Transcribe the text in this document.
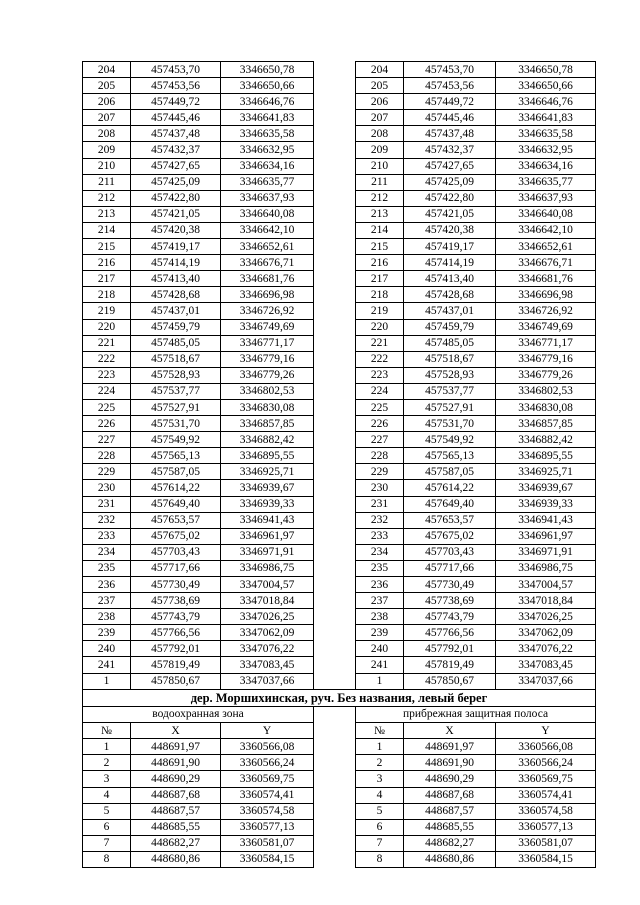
204	457453,70	3346650,78		204	457453,70	3346650,78
205	457453,56	3346650,66		205	457453,56	3346650,66
206	457449,72	3346646,76		206	457449,72	3346646,76
207	457445,46	3346641,83		207	457445,46	3346641,83
208	457437,48	3346635,58		208	457437,48	3346635,58
209	457432,37	3346632,95		209	457432,37	3346632,95
210	457427,65	3346634,16		210	457427,65	3346634,16
211	457425,09	3346635,77		211	457425,09	3346635,77
212	457422,80	3346637,93		212	457422,80	3346637,93
213	457421,05	3346640,08		213	457421,05	3346640,08
214	457420,38	3346642,10		214	457420,38	3346642,10
215	457419,17	3346652,61		215	457419,17	3346652,61
216	457414,19	3346676,71		216	457414,19	3346676,71
217	457413,40	3346681,76		217	457413,40	3346681,76
218	457428,68	3346696,98		218	457428,68	3346696,98
219	457437,01	3346726,92		219	457437,01	3346726,92
220	457459,79	3346749,69		220	457459,79	3346749,69
221	457485,05	3346771,17		221	457485,05	3346771,17
222	457518,67	3346779,16		222	457518,67	3346779,16
223	457528,93	3346779,26		223	457528,93	3346779,26
224	457537,77	3346802,53		224	457537,77	3346802,53
225	457527,91	3346830,08		225	457527,91	3346830,08
226	457531,70	3346857,85		226	457531,70	3346857,85
227	457549,92	3346882,42		227	457549,92	3346882,42
228	457565,13	3346895,55		228	457565,13	3346895,55
229	457587,05	3346925,71		229	457587,05	3346925,71
230	457614,22	3346939,67		230	457614,22	3346939,67
231	457649,40	3346939,33		231	457649,40	3346939,33
232	457653,57	3346941,43		232	457653,57	3346941,43
233	457675,02	3346961,97		233	457675,02	3346961,97
234	457703,43	3346971,91		234	457703,43	3346971,91
235	457717,66	3346986,75		235	457717,66	3346986,75
236	457730,49	3347004,57		236	457730,49	3347004,57
237	457738,69	3347018,84		237	457738,69	3347018,84
238	457743,79	3347026,25		238	457743,79	3347026,25
239	457766,56	3347062,09		239	457766,56	3347062,09
240	457792,01	3347076,22		240	457792,01	3347076,22
241	457819,49	3347083,45		241	457819,49	3347083,45
1	457850,67	3347037,66		1	457850,67	3347037,66
дер. Моршихинская, руч. Без названия, левый берег						
водоохранная зона				прибрежная защитная полоса		
№	X	Y		№	X	Y
1	448691,97	3360566,08		1	448691,97	3360566,08
2	448691,90	3360566,24		2	448691,90	3360566,24
3	448690,29	3360569,75		3	448690,29	3360569,75
4	448687,68	3360574,41		4	448687,68	3360574,41
5	448687,57	3360574,58		5	448687,57	3360574,58
6	448685,55	3360577,13		6	448685,55	3360577,13
7	448682,27	3360581,07		7	448682,27	3360581,07
8	448680,86	3360584,15		8	448680,86	3360584,15
